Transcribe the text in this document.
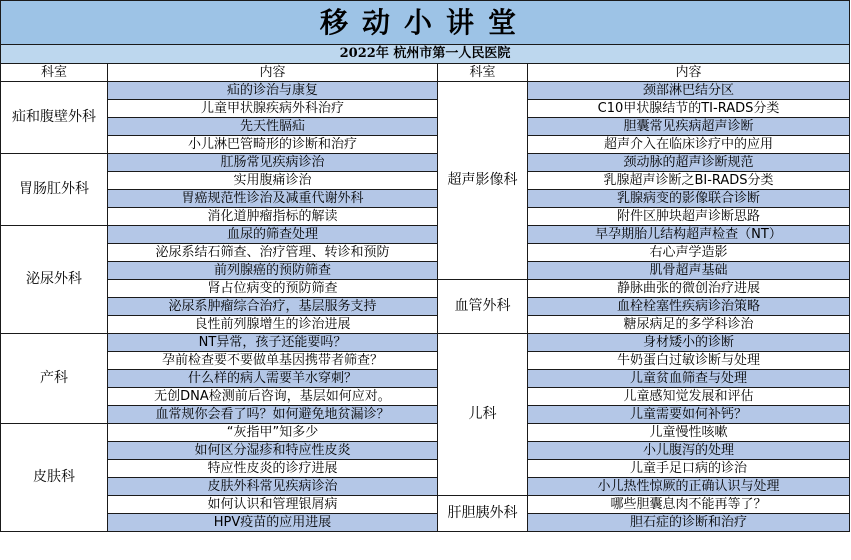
移动小讲堂			
2022年 杭州市第一人民医院			
科室	内容	科室	内容
疝和腹壁外科	疝的诊治与康复	超声影像科	颈部淋巴结分区
	儿童甲状腺疾病外科治疗		C10甲状腺结节的TI-RADS分类
	先天性膈疝		胆囊常见疾病超声诊断
	小儿淋巴管畸形的诊断和治疗		超声介入在临床诊疗中的应用
胃肠肛外科	肛肠常见疾病诊治		颈动脉的超声诊断规范
	实用腹痛诊治		乳腺超声诊断之BI-RADS分类
	胃癌规范性诊治及减重代谢外科		乳腺病变的影像联合诊断
	消化道肿瘤指标的解读		附件区肿块超声诊断思路
泌尿外科	血尿的筛查处理		早孕期胎儿结构超声检查（NT）
	泌尿系结石筛查、治疗管理、转诊和预防		右心声学造影
	前列腺癌的预防筛查		肌骨超声基础
	肾占位病变的预防筛查	血管外科	静脉曲张的微创治疗进展
	泌尿系肿瘤综合治疗，基层服务支持		血栓栓塞性疾病诊治策略
	良性前列腺增生的诊治进展		糖尿病足的多学科诊治
产科	NT异常，孩子还能要吗？	儿科	身材矮小的诊断
	孕前检查要不要做单基因携带者筛查？		牛奶蛋白过敏诊断与处理
	什么样的病人需要羊水穿刺？		儿童贫血筛查与处理
	无创DNA检测前后咨询，基层如何应对。		儿童感知觉发展和评估
	血常规你会看了吗？如何避免地贫漏诊？		儿童需要如何补钙？
皮肤科	“灰指甲”知多少		儿童慢性咳嗽
	如何区分湿疹和特应性皮炎		小儿腹泻的处理
	特应性皮炎的诊疗进展		儿童手足口病的诊治
	皮肤外科常见疾病诊治		小儿热性惊厥的正确认识与处理
	如何认识和管理银屑病	肝胆胰外科	哪些胆囊息肉不能再等了？
	HPV疫苗的应用进展		胆石症的诊断和治疗
